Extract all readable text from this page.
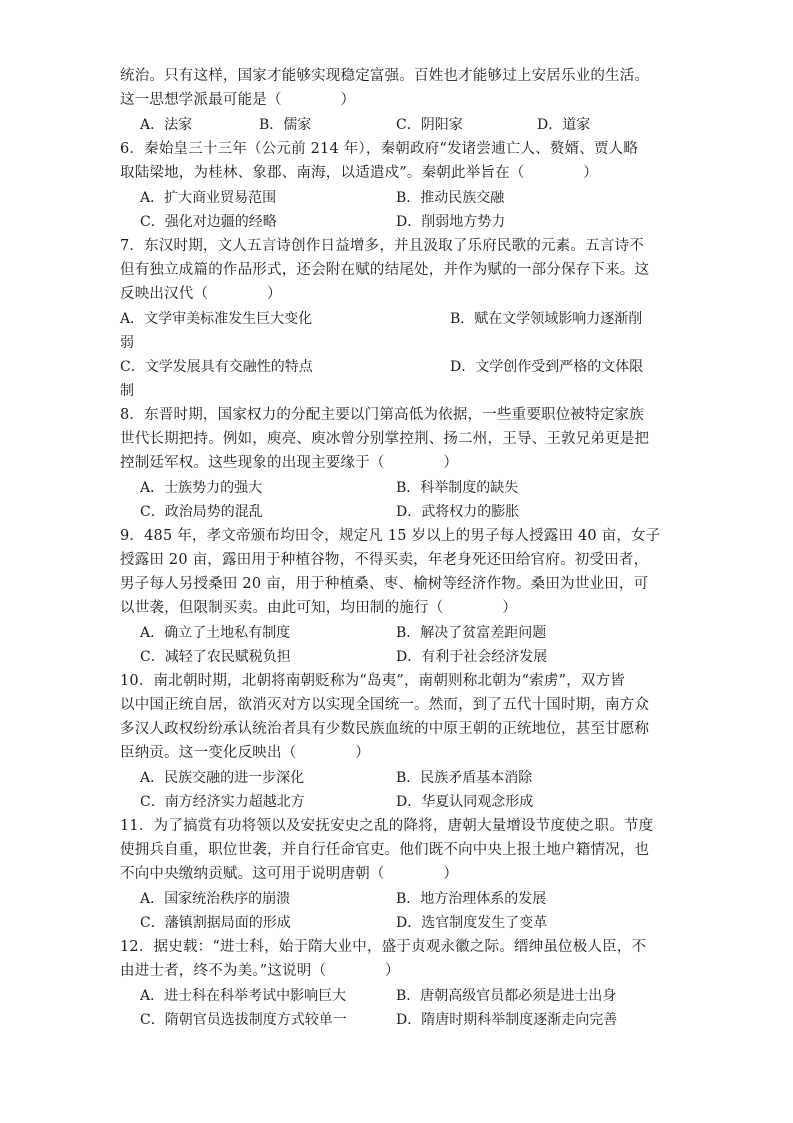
统治。只有这样，国家才能够实现稳定富强。百姓也才能够过上安居乐业的生活。
这一思想学派最可能是（　　　　）
A．法家	B．儒家	C．阴阳家	D．道家
6．秦始皇三十三年（公元前 214 年），秦朝政府“发诸尝逋亡人、赘婿、贾人略
取陆梁地，为桂林、象郡、南海，以适遣戍”。秦朝此举旨在（　　　　）
A．扩大商业贸易范围	B．推动民族交融
C．强化对边疆的经略	D．削弱地方势力
7．东汉时期，文人五言诗创作日益增多，并且汲取了乐府民歌的元素。五言诗不
但有独立成篇的作品形式，还会附在赋的结尾处，并作为赋的一部分保存下来。这
反映出汉代（　　　　）
A．文学审美标准发生巨大变化	B．赋在文学领域影响力逐渐削
弱
C．文学发展具有交融性的特点	D．文学创作受到严格的文体限
制
8．东晋时期，国家权力的分配主要以门第高低为依据，一些重要职位被特定家族
世代长期把持。例如，庾亮、庾冰曾分别掌控荆、扬二州，王导、王敦兄弟更是把
控制廷军权。这些现象的出现主要缘于（　　　　）
A．士族势力的强大	B．科举制度的缺失
C．政治局势的混乱	D．武将权力的膨胀
9．485 年，孝文帝颁布均田令，规定凡 15 岁以上的男子每人授露田 40 亩，女子
授露田 20 亩，露田用于种植谷物，不得买卖，年老身死还田给官府。初受田者，
男子每人另授桑田 20 亩，用于种植桑、枣、榆树等经济作物。桑田为世业田，可
以世袭，但限制买卖。由此可知，均田制的施行（　　　　）
A．确立了土地私有制度	B．解决了贫富差距问题
C．减轻了农民赋税负担	D．有利于社会经济发展
10．南北朝时期，北朝将南朝贬称为“岛夷”，南朝则称北朝为“索虏”，双方皆
以中国正统自居，欲消灭对方以实现全国统一。然而，到了五代十国时期，南方众
多汉人政权纷纷承认统治者具有少数民族血统的中原王朝的正统地位，甚至甘愿称
臣纳贡。这一变化反映出（　　　　）
A．民族交融的进一步深化	B．民族矛盾基本消除
C．南方经济实力超越北方	D．华夏认同观念形成
11．为了搞赏有功将领以及安抚安史之乱的降将，唐朝大量增设节度使之职。节度
使拥兵自重，职位世袭，并自行任命官吏。他们既不向中央上报土地户籍情况，也
不向中央缴纳贡赋。这可用于说明唐朝（　　　　）
A．国家统治秩序的崩溃	B．地方治理体系的发展
C．藩镇割据局面的形成	D．选官制度发生了变革
12．据史载：“进士科，始于隋大业中，盛于贞观永徽之际。缙绅虽位极人臣，不
由进士者，终不为美。”这说明（　　　　）
A．进士科在科举考试中影响巨大	B．唐朝高级官员都必须是进士出身
C．隋朝官员选拔制度方式较单一	D．隋唐时期科举制度逐渐走向完善
